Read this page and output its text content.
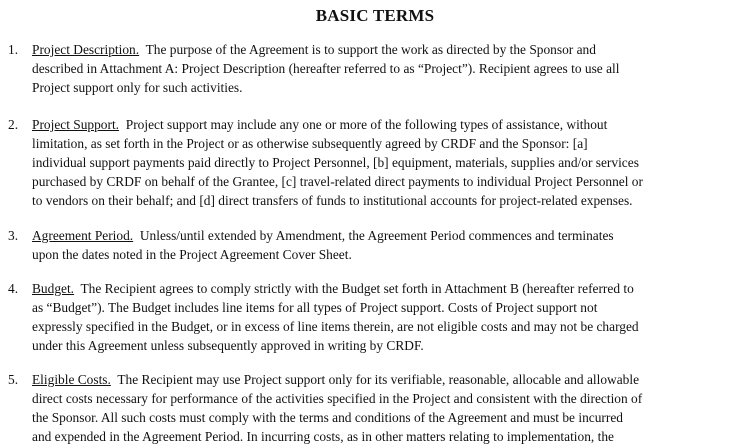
BASIC TERMS
1.	Project Description. The purpose of the Agreement is to support the work as directed by the Sponsor and
described in Attachment A: Project Description (hereafter referred to as “Project”). Recipient agrees to use all
Project support only for such activities.
2.	Project Support. Project support may include any one or more of the following types of assistance, without
limitation, as set forth in the Project or as otherwise subsequently agreed by CRDF and the Sponsor: [a]
individual support payments paid directly to Project Personnel, [b] equipment, materials, supplies and/or services
purchased by CRDF on behalf of the Grantee, [c] travel-related direct payments to individual Project Personnel or
to vendors on their behalf; and [d] direct transfers of funds to institutional accounts for project-related expenses.
3.	Agreement Period. Unless/until extended by Amendment, the Agreement Period commences and terminates
upon the dates noted in the Project Agreement Cover Sheet.
4.	Budget. The Recipient agrees to comply strictly with the Budget set forth in Attachment B (hereafter referred to
as “Budget”). The Budget includes line items for all types of Project support. Costs of Project support not
expressly specified in the Budget, or in excess of line items therein, are not eligible costs and may not be charged
under this Agreement unless subsequently approved in writing by CRDF.
5.	Eligible Costs. The Recipient may use Project support only for its verifiable, reasonable, allocable and allowable
direct costs necessary for performance of the activities specified in the Project and consistent with the direction of
the Sponsor. All such costs must comply with the terms and conditions of the Agreement and must be incurred
and expended in the Agreement Period. In incurring costs, as in other matters relating to implementation, the
